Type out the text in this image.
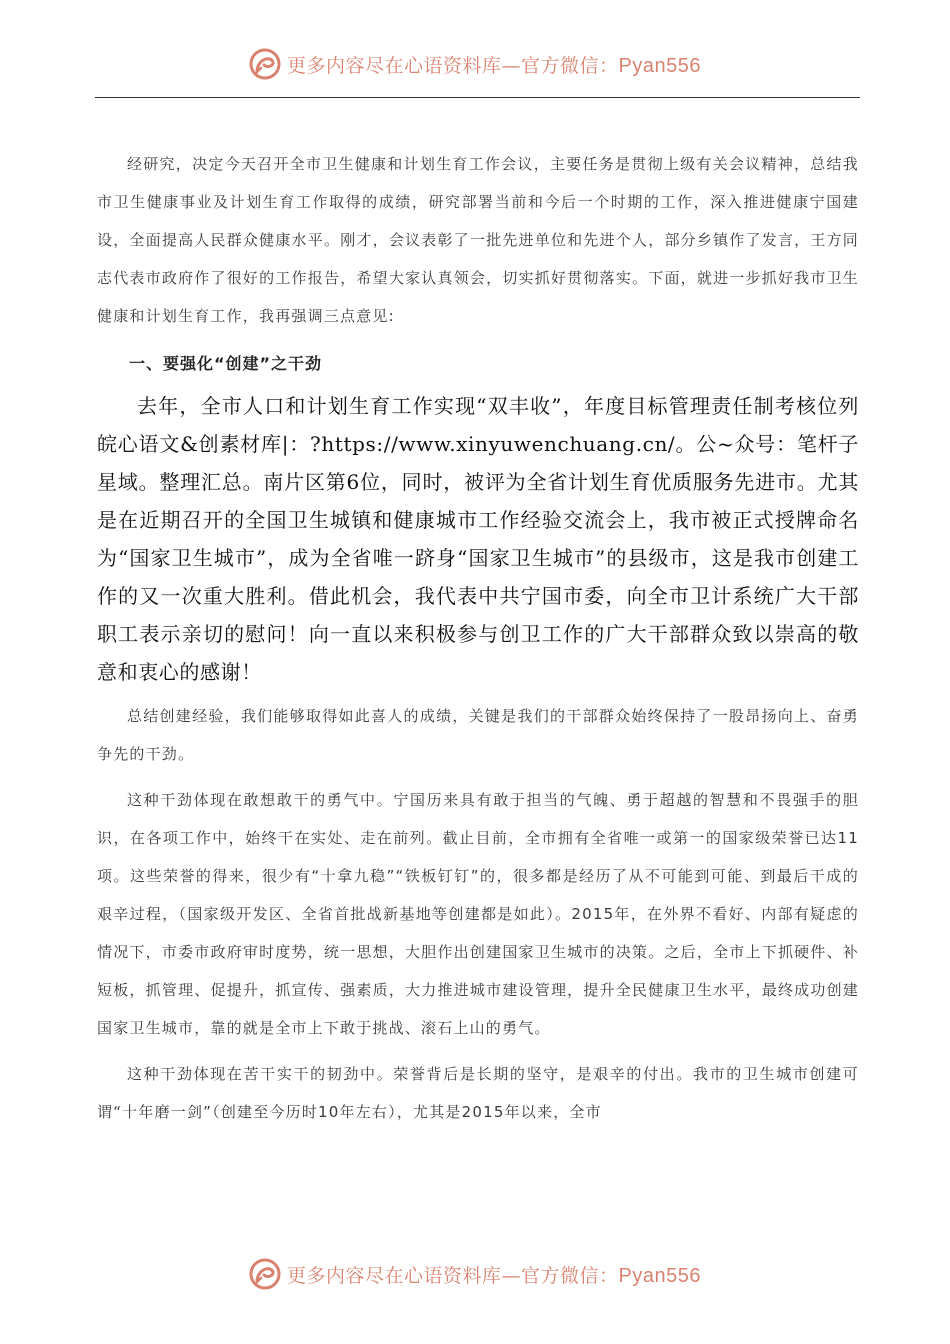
更多内容尽在心语资料库—官方微信：Pyan556

经研究，决定今天召开全市卫生健康和计划生育工作会议，主要任务是贯彻上级有关会议精神，总结我市卫生健康事业及计划生育工作取得的成绩，研究部署当前和今后一个时期的工作，深入推进健康宁国建设，全面提高人民群众健康水平。刚才，会议表彰了一批先进单位和先进个人，部分乡镇作了发言，王方同志代表市政府作了很好的工作报告，希望大家认真领会，切实抓好贯彻落实。下面，就进一步抓好我市卫生健康和计划生育工作，我再强调三点意见:

一、要强化“创建”之干劲

去年，全市人口和计划生育工作实现“双丰收”，年度目标管理责任制考核位列皖心语文&创素材库|：?https://www.xinyuwenchuang.cn/。公~众号：笔杆子星域。整理汇总。南片区第6位，同时，被评为全省计划生育优质服务先进市。尤其是在近期召开的全国卫生城镇和健康城市工作经验交流会上，我市被正式授牌命名为“国家卫生城市”，成为全省唯一跻身“国家卫生城市”的县级市，这是我市创建工作的又一次重大胜利。借此机会，我代表中共宁国市委，向全市卫计系统广大干部职工表示亲切的慰问！向一直以来积极参与创卫工作的广大干部群众致以崇高的敬意和衷心的感谢！

总结创建经验，我们能够取得如此喜人的成绩，关键是我们的干部群众始终保持了一股昂扬向上、奋勇争先的干劲。

这种干劲体现在敢想敢干的勇气中。宁国历来具有敢于担当的气魄、勇于超越的智慧和不畏强手的胆识，在各项工作中，始终干在实处、走在前列。截止目前，全市拥有全省唯一或第一的国家级荣誉已达11项。这些荣誉的得来，很少有“十拿九稳”“铁板钉钉”的，很多都是经历了从不可能到可能、到最后干成的艰辛过程，（国家级开发区、全省首批战新基地等创建都是如此）。2015年，在外界不看好、内部有疑虑的情况下，市委市政府审时度势，统一思想，大胆作出创建国家卫生城市的决策。之后，全市上下抓硬件、补短板，抓管理、促提升，抓宣传、强素质，大力推进城市建设管理，提升全民健康卫生水平，最终成功创建国家卫生城市，靠的就是全市上下敢于挑战、滚石上山的勇气。

这种干劲体现在苦干实干的韧劲中。荣誉背后是长期的坚守，是艰辛的付出。我市的卫生城市创建可谓“十年磨一剑”（创建至今历时10年左右），尤其是2015年以来，全市

更多内容尽在心语资料库—官方微信：Pyan556
